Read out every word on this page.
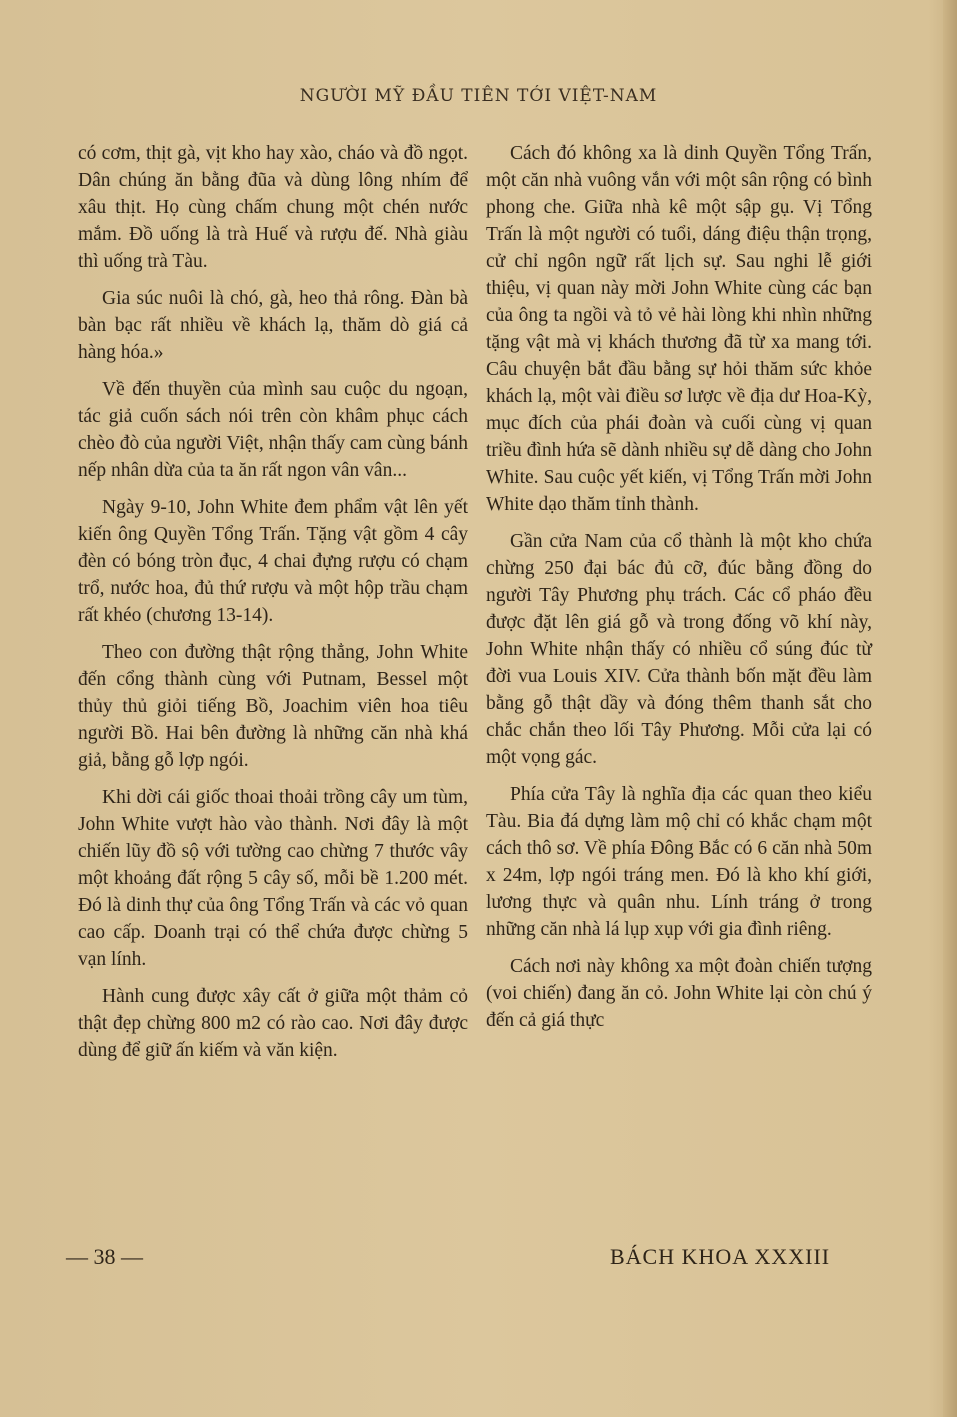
NGƯỜI MỸ ĐẦU TIÊN TỚI VIỆT-NAM

có cơm, thịt gà, vịt kho hay xào, cháo và đồ ngọt. Dân chúng ăn bằng đũa và dùng lông nhím để xâu thịt. Họ cùng chấm chung một chén nước mắm. Đồ uống là trà Huế và rượu đế. Nhà giàu thì uống trà Tàu.

Gia súc nuôi là chó, gà, heo thả rông. Đàn bà bàn bạc rất nhiều về khách lạ, thăm dò giá cả hàng hóa.»

Về đến thuyền của mình sau cuộc du ngoạn, tác giả cuốn sách nói trên còn khâm phục cách chèo đò của người Việt, nhận thấy cam cùng bánh nếp nhân dừa của ta ăn rất ngon vân vân...

Ngày 9-10, John White đem phẩm vật lên yết kiến ông Quyền Tổng Trấn. Tặng vật gồm 4 cây đèn có bóng tròn đục, 4 chai đựng rượu có chạm trổ, nước hoa, đủ thứ rượu và một hộp trầu chạm rất khéo (chương 13-14).

Theo con đường thật rộng thẳng, John White đến cổng thành cùng với Putnam, Bessel một thủy thủ giỏi tiếng Bồ, Joachim viên hoa tiêu người Bồ. Hai bên đường là những căn nhà khá giả, bằng gỗ lợp ngói.

Khi dời cái giốc thoai thoải trồng cây um tùm, John White vượt hào vào thành. Nơi đây là một chiến lũy đồ sộ với tường cao chừng 7 thước vây một khoảng đất rộng 5 cây số, mỗi bề 1.200 mét. Đó là dinh thự của ông Tổng Trấn và các vỏ quan cao cấp. Doanh trại có thể chứa được chừng 5 vạn lính.

Hành cung được xây cất ở giữa một thảm cỏ thật đẹp chừng 800 m2 có rào cao. Nơi đây được dùng để giữ ấn kiếm và văn kiện.

Cách đó không xa là dinh Quyền Tổng Trấn, một căn nhà vuông vắn với một sân rộng có bình phong che. Giữa nhà kê một sập gụ. Vị Tổng Trấn là một người có tuổi, dáng điệu thận trọng, cử chỉ ngôn ngữ rất lịch sự. Sau nghi lễ giới thiệu, vị quan này mời John White cùng các bạn của ông ta ngồi và tỏ vẻ hài lòng khi nhìn những tặng vật mà vị khách thương đã từ xa mang tới. Câu chuyện bắt đầu bằng sự hỏi thăm sức khỏe khách lạ, một vài điều sơ lược về địa dư Hoa-Kỳ, mục đích của phái đoàn và cuối cùng vị quan triều đình hứa sẽ dành nhiều sự dễ dàng cho John White. Sau cuộc yết kiến, vị Tổng Trấn mời John White dạo thăm tỉnh thành.

Gần cửa Nam của cổ thành là một kho chứa chừng 250 đại bác đủ cỡ, đúc bằng đồng do người Tây Phương phụ trách. Các cổ pháo đều được đặt lên giá gỗ và trong đống võ khí này, John White nhận thấy có nhiều cổ súng đúc từ đời vua Louis XIV. Cửa thành bốn mặt đều làm bằng gỗ thật dầy và đóng thêm thanh sắt cho chắc chắn theo lối Tây Phương. Mỗi cửa lại có một vọng gác.

Phía cửa Tây là nghĩa địa các quan theo kiểu Tàu. Bia đá dựng làm mộ chỉ có khắc chạm một cách thô sơ. Về phía Đông Bắc có 6 căn nhà 50m x 24m, lợp ngói tráng men. Đó là kho khí giới, lương thực và quân nhu. Lính tráng ở trong những căn nhà lá lụp xụp với gia đình riêng.

Cách nơi này không xa một đoàn chiến tượng (voi chiến) đang ăn cỏ. John White lại còn chú ý đến cả giá thực

— 38 —	BÁCH KHOA XXXIII
